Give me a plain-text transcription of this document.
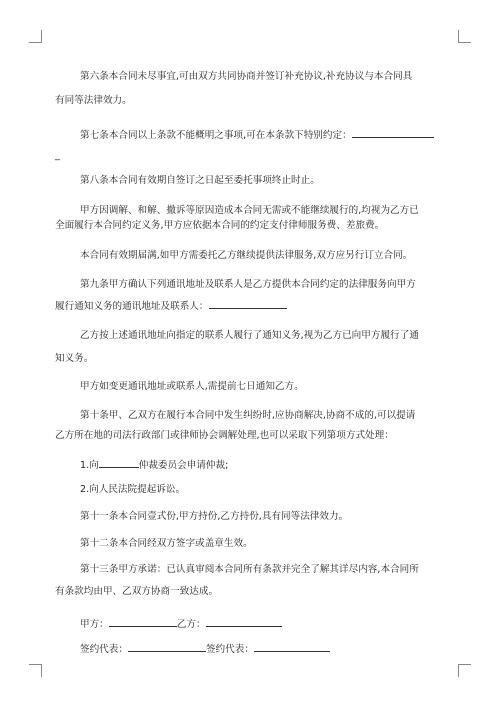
第六条本合同未尽事宜,可由双方共同协商并签订补充协议,补充协议与本合同具
有同等法律效力。
第七条本合同以上条款不能概明之事项,可在本条款下特别约定：
_
第八条本合同有效期自签订之日起至委托事项终止时止。
甲方因调解、和解、撤诉等原因造成本合同无需或不能继续履行的,均视为乙方已
全面履行本合同约定义务,甲方应依据本合同的约定支付律师服务费、差旅费。
本合同有效期届满,如甲方需委托乙方继续提供法律服务,双方应另行订立合同。
第九条甲方确认下列通讯地址及联系人是乙方提供本合同约定的法律服务向甲方
履行通知义务的通讯地址及联系人：
乙方按上述通讯地址向指定的联系人履行了通知义务,视为乙方已向甲方履行了通
知义务。
甲方如变更通讯地址或联系人,需提前七日通知乙方。
第十条甲、乙双方在履行本合同中发生纠纷时,应协商解决,协商不成的,可以提请
乙方所在地的司法行政部门或律师协会调解处理,也可以采取下列第项方式处理：
1.向	仲裁委员会申请仲裁;
2.向人民法院提起诉讼。
第十一条本合同壹式份,甲方持份,乙方持份,具有同等法律效力。
第十二条本合同经双方签字或盖章生效。
第十三条甲方承诺：已认真审阅本合同所有条款并完全了解其详尽内容,本合同所
有条款均由甲、乙双方协商一致达成。
甲方：	乙方：
签约代表：	签约代表：
